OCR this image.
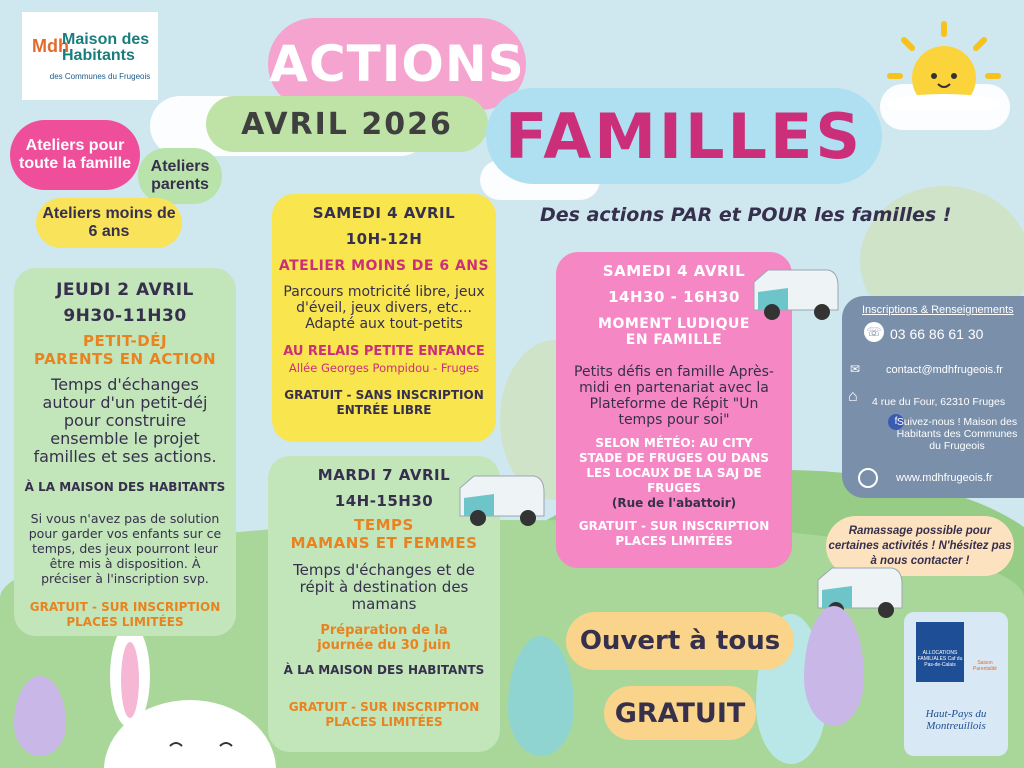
Mdh
Maison des Habitants
des Communes du Frugeois ACTIONS
AVRIL 2026 FAMILLES
Ateliers pour toute la famille	Ateliers parents
Ateliers moins de 6 ans
Des actions PAR et POUR les familles !
JEUDI 2 AVRIL
9H30-11H30
PETIT-DÉJ
PARENTS EN ACTION
Temps d'échanges autour d'un petit-déj pour construire ensemble le projet familles et ses actions.
À LA MAISON DES HABITANTS
Si vous n'avez pas de solution pour garder vos enfants sur ce temps, des jeux pourront leur être mis à disposition. À préciser à l'inscription svp.
GRATUIT - SUR INSCRIPTION
PLACES LIMITÉES
SAMEDI 4 AVRIL
10H-12H
ATELIER MOINS DE 6 ANS
Parcours motricité libre, jeux d'éveil, jeux divers, etc... Adapté aux tout-petits
AU RELAIS PETITE ENFANCE
Allée Georges Pompidou - Fruges
GRATUIT - SANS INSCRIPTION
ENTRÉE LIBRE
MARDI 7 AVRIL
14H-15H30
TEMPS
MAMANS ET FEMMES
Temps d'échanges et de répit à destination des mamans
Préparation de la journée du 30 juin
À LA MAISON DES HABITANTS
GRATUIT - SUR INSCRIPTION
PLACES LIMITÉES
SAMEDI 4 AVRIL
14H30 - 16H30
MOMENT LUDIQUE
EN FAMILLE
Petits défis en famille Après-midi en partenariat avec la Plateforme de Répit "Un temps pour soi"
SELON MÉTÉO: AU CITY STADE DE FRUGES OU DANS LES LOCAUX DE LA SAJ DE FRUGES
(Rue de l'abattoir)
GRATUIT - SUR INSCRIPTION
PLACES LIMITÉES
Inscriptions & Renseignements
☏ 03 66 86 61 30
✉ contact@mdhfrugeois.fr
⌂ 4 rue du Four, 62310 Fruges
f Suivez-nous ! Maison des Habitants des Communes du Frugeois
www.mdhfrugeois.fr
Ramassage possible pour certaines activités ! N'hésitez pas à nous contacter !
Ouvert à tous
GRATUIT
ALLOCATIONS FAMILIALES Caf du Pas-de-Calais	Saison Parentalité
Haut-Pays du Montreuillois
